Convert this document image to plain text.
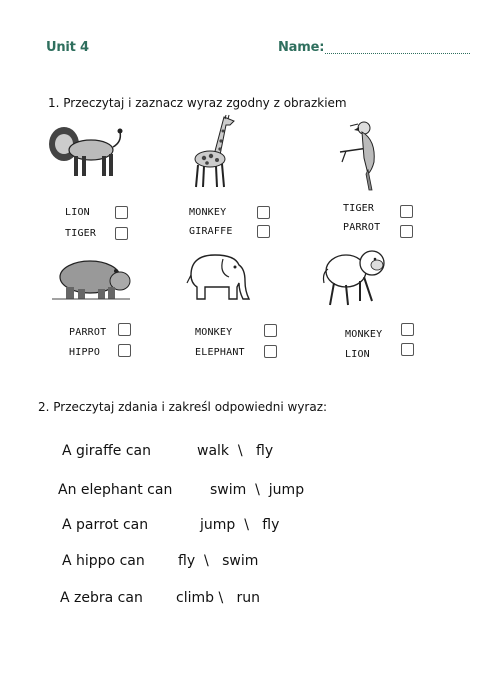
Unit 4	Name:
1. Przeczytaj i zaznacz wyraz zgodny z obrazkiem
LION
TIGER
MONKEY
GIRAFFE
TIGER
PARROT
PARROT
HIPPO
MONKEY
ELEPHANT
MONKEY
LION
2. Przeczytaj zdania i zakreśl odpowiedni wyraz:
A giraffe can	walk  \   fly
An elephant can	swim  \  jump
A parrot can	jump  \   fly
A hippo can fly  \   swim
A zebra can climb \   run
